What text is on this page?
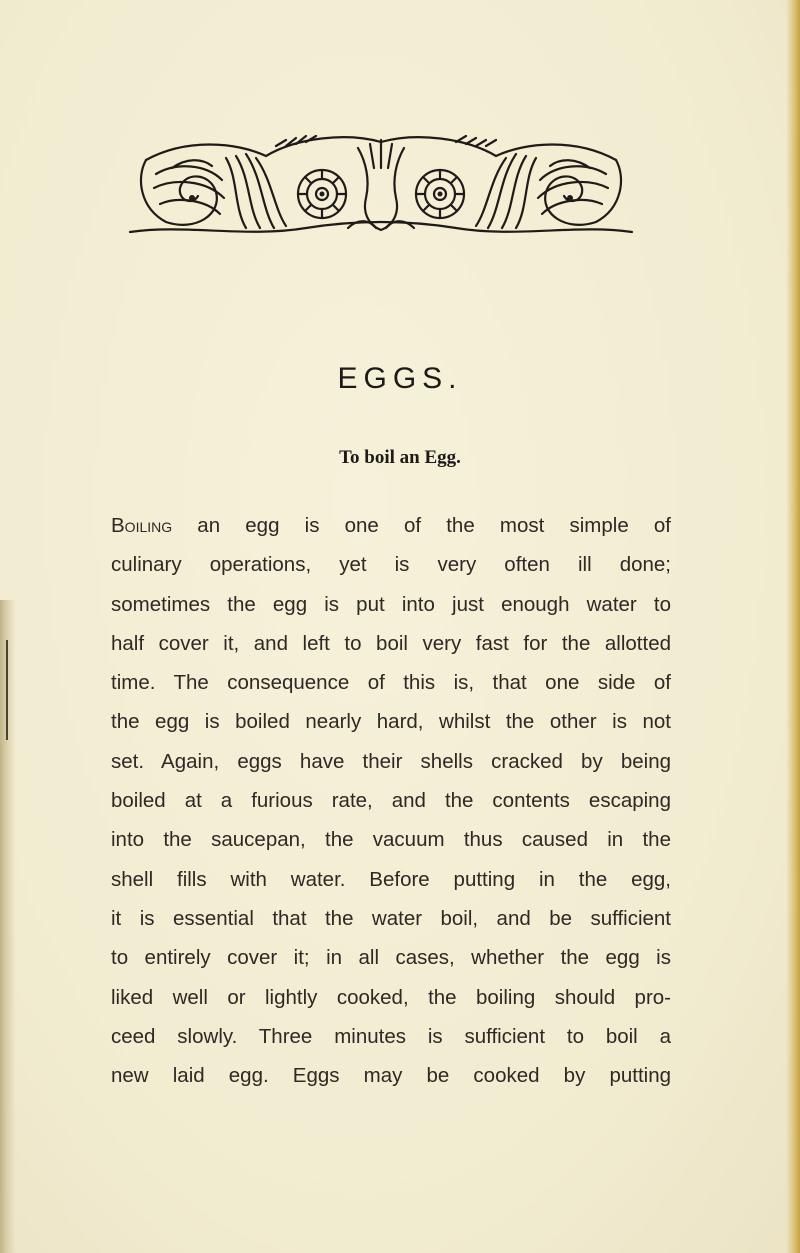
EGGS.
To boil an Egg.
Boiling an egg is one of the most simple of
culinary operations, yet is very often ill done;
sometimes the egg is put into just enough water to
half cover it, and left to boil very fast for the allotted
time. The consequence of this is, that one side of
the egg is boiled nearly hard, whilst the other is not
set. Again, eggs have their shells cracked by being
boiled at a furious rate, and the contents escaping
into the saucepan, the vacuum thus caused in the
shell fills with water. Before putting in the egg,
it is essential that the water boil, and be sufficient
to entirely cover it; in all cases, whether the egg is
liked well or lightly cooked, the boiling should pro-
ceed slowly. Three minutes is sufficient to boil a
new laid egg. Eggs may be cooked by putting
